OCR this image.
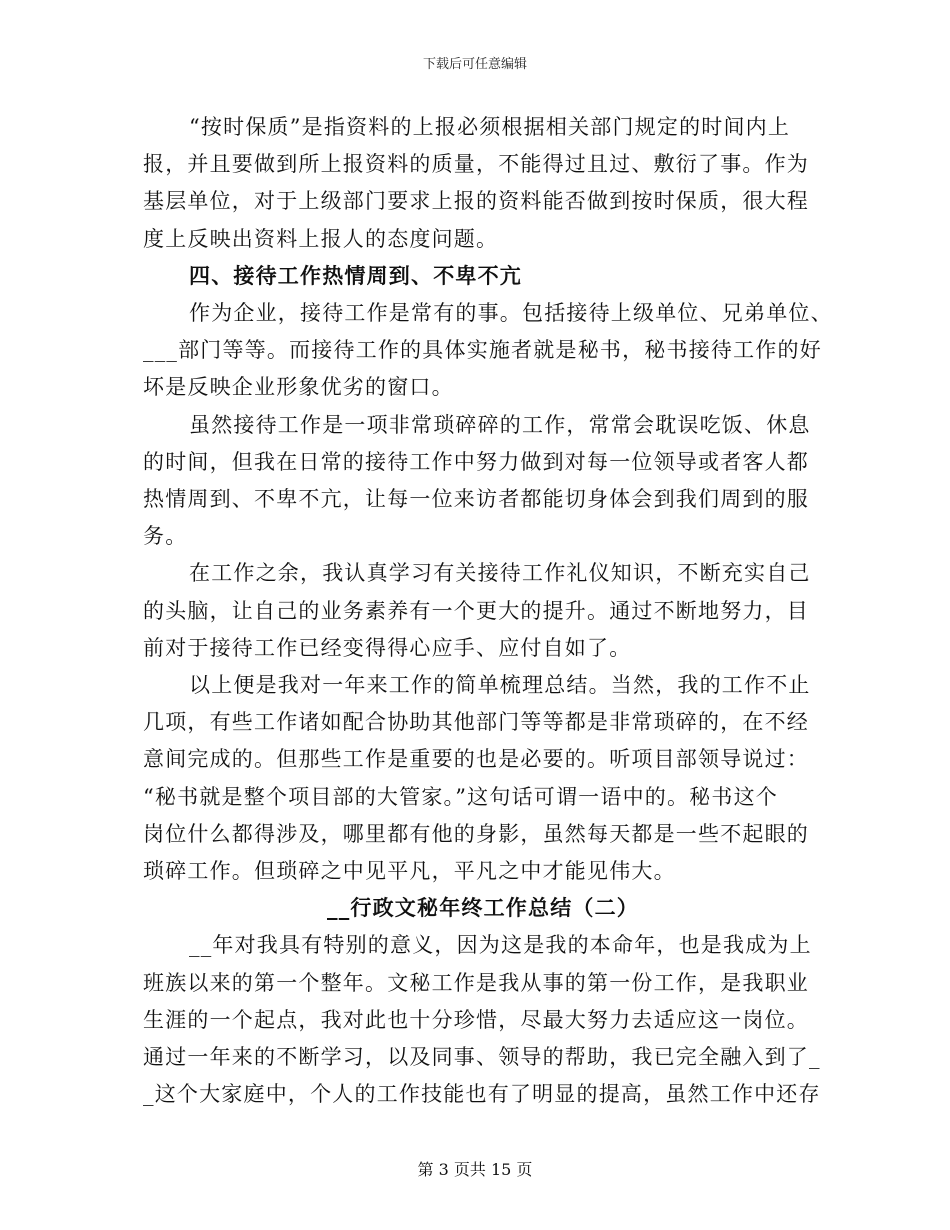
下载后可任意编辑

“按时保质”是指资料的上报必须根据相关部门规定的时间内上

报，并且要做到所上报资料的质量，不能得过且过、敷衍了事。作为

基层单位，对于上级部门要求上报的资料能否做到按时保质，很大程

度上反映出资料上报人的态度问题。

四、接待工作热情周到、不卑不亢

作为企业，接待工作是常有的事。包括接待上级单位、兄弟单位、

___部门等等。而接待工作的具体实施者就是秘书，秘书接待工作的好

坏是反映企业形象优劣的窗口。

虽然接待工作是一项非常琐碎碎的工作，常常会耽误吃饭、休息

的时间，但我在日常的接待工作中努力做到对每一位领导或者客人都

热情周到、不卑不亢，让每一位来访者都能切身体会到我们周到的服

务。

在工作之余，我认真学习有关接待工作礼仪知识，不断充实自己

的头脑，让自己的业务素养有一个更大的提升。通过不断地努力，目

前对于接待工作已经变得得心应手、应付自如了。

以上便是我对一年来工作的简单梳理总结。当然，我的工作不止

几项，有些工作诸如配合协助其他部门等等都是非常琐碎的，在不经

意间完成的。但那些工作是重要的也是必要的。听项目部领导说过：

“秘书就是整个项目部的大管家。”这句话可谓一语中的。秘书这个

岗位什么都得涉及，哪里都有他的身影，虽然每天都是一些不起眼的

琐碎工作。但琐碎之中见平凡，平凡之中才能见伟大。

__行政文秘年终工作总结（二）

__年对我具有特别的意义，因为这是我的本命年，也是我成为上

班族以来的第一个整年。文秘工作是我从事的第一份工作，是我职业

生涯的一个起点，我对此也十分珍惜，尽最大努力去适应这一岗位。

通过一年来的不断学习，以及同事、领导的帮助，我已完全融入到了_

_这个大家庭中，个人的工作技能也有了明显的提高，虽然工作中还存

第 3 页共 15 页
